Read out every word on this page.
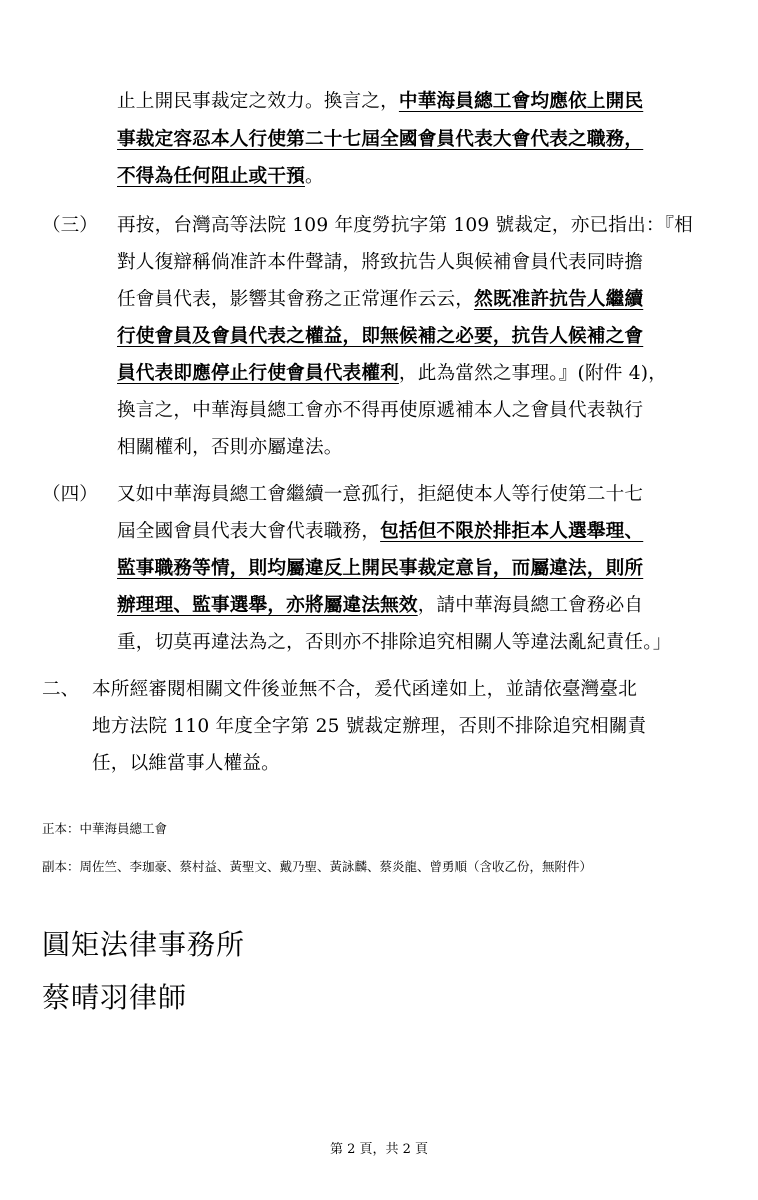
止上開民事裁定之效力。換言之，中華海員總工會均應依上開民
事裁定容忍本人行使第二十七屆全國會員代表大會代表之職務，
不得為任何阻止或干預。
（三） 再按，台灣高等法院 109 年度勞抗字第 109 號裁定，亦已指出：『相
對人復辯稱倘准許本件聲請，將致抗告人與候補會員代表同時擔
任會員代表，影響其會務之正常運作云云，然既准許抗告人繼續
行使會員及會員代表之權益，即無候補之必要，抗告人候補之會
員代表即應停止行使會員代表權利，此為當然之事理。』(附件 4)，
換言之，中華海員總工會亦不得再使原遞補本人之會員代表執行
相關權利，否則亦屬違法。
（四） 又如中華海員總工會繼續一意孤行，拒絕使本人等行使第二十七
屆全國會員代表大會代表職務，包括但不限於排拒本人選舉理、
監事職務等情，則均屬違反上開民事裁定意旨，而屬違法，則所
辦理理、監事選舉，亦將屬違法無效，請中華海員總工會務必自
重，切莫再違法為之，否則亦不排除追究相關人等違法亂紀責任。」
二、 本所經審閱相關文件後並無不合，爰代函達如上，並請依臺灣臺北
地方法院 110 年度全字第 25 號裁定辦理，否則不排除追究相關責
任，以維當事人權益。
正本：中華海員總工會
副本：周佐竺、李珈豪、蔡村益、黃聖文、戴乃聖、黃詠麟、蔡炎龍、曾勇順（含收乙份，無附件）
圓矩法律事務所
蔡晴羽律師
第 2 頁，共 2 頁
